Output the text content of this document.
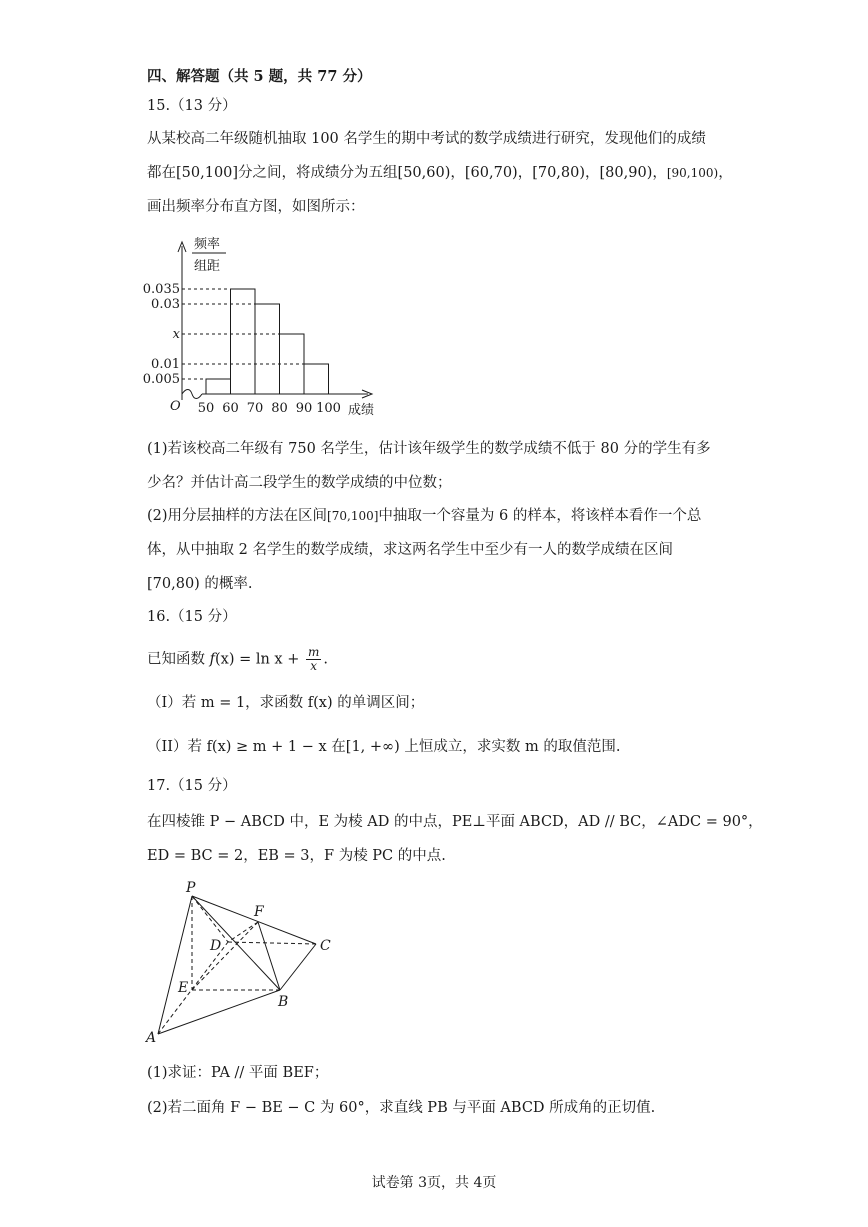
四、解答题（共 5 题，共 77 分）
15.（13 分）
从某校高二年级随机抽取 100 名学生的期中考试的数学成绩进行研究，发现他们的成绩
都在[50,100]分之间，将成绩分为五组[50,60)，[60,70)，[70,80)，[80,90)，[90,100)，
画出频率分布直方图，如图所示：
0.035
0.03
x
0.01
0.005
50 60 70 80 90 100
频率
组距
成绩
O
(1)若该校高二年级有 750 名学生，估计该年级学生的数学成绩不低于 80 分的学生有多
少名？并估计高二段学生的数学成绩的中位数；
(2)用分层抽样的方法在区间[70,100]中抽取一个容量为 6 的样本，将该样本看作一个总
体，从中抽取 2 名学生的数学成绩，求这两名学生中至少有一人的数学成绩在区间
[70,80) 的概率.
16.（15 分）
已知函数 $f(x) = \ln x + \frac{m}{x}$ .
（I）若 m = 1，求函数 f(x) 的单调区间；
（II）若 f(x) ≥ m + 1 − x 在[1, +∞) 上恒成立，求实数 m 的取值范围.
17.（15 分）
在四棱锥 P − ABCD 中，E 为棱 AD 的中点，PE⊥平面 ABCD，AD // BC，∠ADC = 90°，
ED = BC = 2，EB = 3，F 为棱 PC 的中点.
P
F
D	C
E
B
A
(1)求证：PA // 平面 BEF；
(2)若二面角 F − BE − C 为 60°，求直线 PB 与平面 ABCD 所成角的正切值.
试卷第 3页，共 4页
